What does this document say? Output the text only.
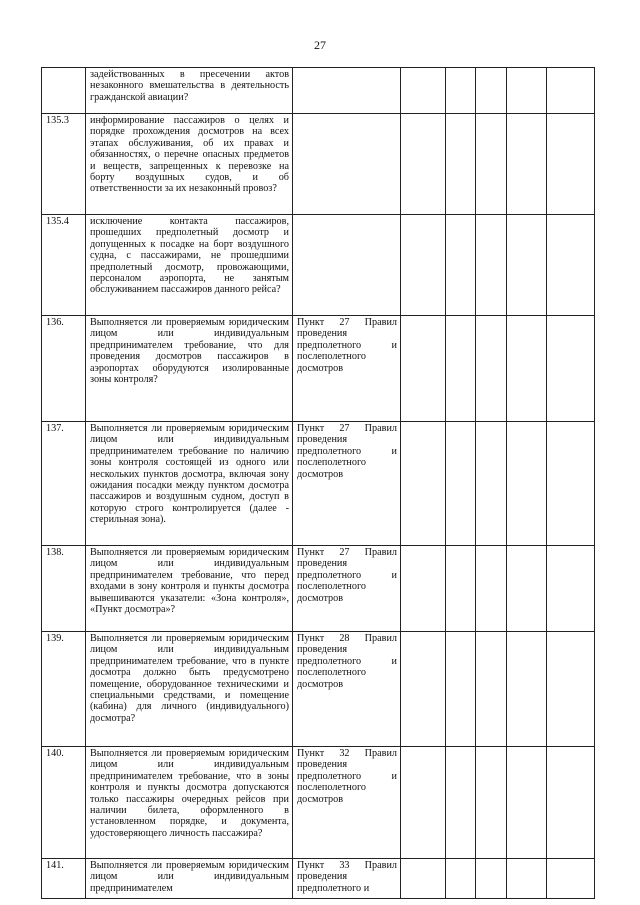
27
	задействованных в пресечении актов незаконного вмешательства в деятельность гражданской авиации?						
135.3	информирование пассажиров о целях и порядке прохождения досмотров на всех этапах обслуживания, об их правах и обязанностях, о перечне опасных предметов и веществ, запрещенных к перевозке на борту воздушных судов, и об ответственности за их незаконный провоз?						
135.4	исключение контакта пассажиров, прошедших предполетный досмотр и допущенных к посадке на борт воздушного судна, с пассажирами, не прошедшими предполетный досмотр, провожающими, персоналом аэропорта, не занятым обслуживанием пассажиров данного рейса?						
136.	Выполняется ли проверяемым юридическим лицом или индивидуальным предпринимателем требование, что для проведения досмотров пассажиров в аэропортах оборудуются изолированные зоны контроля?	Пункт 27 Правил проведения предполетного и послеполетного досмотров					
137.	Выполняется ли проверяемым юридическим лицом или индивидуальным предпринимателем требование по наличию зоны контроля состоящей из одного или нескольких пунктов досмотра, включая зону ожидания посадки между пунктом досмотра пассажиров и воздушным судном, доступ в которую строго контролируется (далее - стерильная зона).	Пункт 27 Правил проведения предполетного и послеполетного досмотров					
138.	Выполняется ли проверяемым юридическим лицом или индивидуальным предпринимателем требование, что перед входами в зону контроля и пункты досмотра вывешиваются указатели: «Зона контроля», «Пункт досмотра»?	Пункт 27 Правил проведения предполетного и послеполетного досмотров					
139.	Выполняется ли проверяемым юридическим лицом или индивидуальным предпринимателем требование, что в пункте досмотра должно быть предусмотрено помещение, оборудованное техническими и специальными средствами, и помещение (кабина) для личного (индивидуального) досмотра?	Пункт 28 Правил проведения предполетного и послеполетного досмотров					
140.	Выполняется ли проверяемым юридическим лицом или индивидуальным предпринимателем требование, что в зоны контроля и пункты досмотра допускаются только пассажиры очередных рейсов при наличии билета, оформленного в установленном порядке, и документа, удостоверяющего личность пассажира?	Пункт 32 Правил проведения предполетного и послеполетного досмотров					
141.	Выполняется ли проверяемым юридическим лицом или индивидуальным предпринимателем	Пункт 33 Правил проведения предполетного и					
